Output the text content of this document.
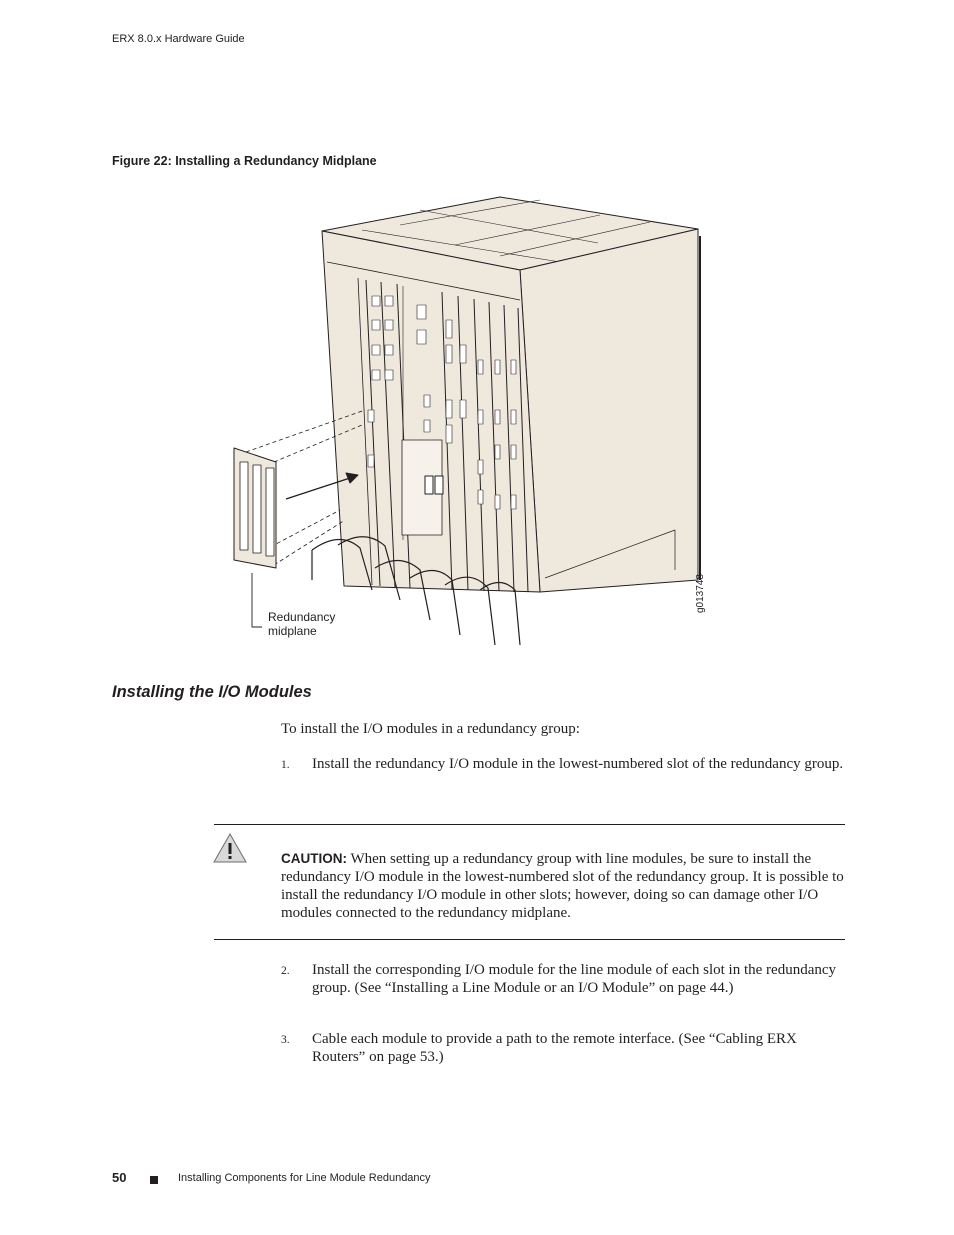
ERX 8.0.x Hardware Guide
Figure 22: Installing a Redundancy Midplane
Redundancy
midplane
g013748
Installing the I/O Modules
To install the I/O modules in a redundancy group:
1. Install the redundancy I/O module in the lowest-numbered slot of the redundancy group.
CAUTION: When setting up a redundancy group with line modules, be sure to install the redundancy I/O module in the lowest-numbered slot of the redundancy group. It is possible to install the redundancy I/O module in other slots; however, doing so can damage other I/O modules connected to the redundancy midplane.
2. Install the corresponding I/O module for the line module of each slot in the redundancy group. (See “Installing a Line Module or an I/O Module” on page 44.)
3. Cable each module to provide a path to the remote interface. (See “Cabling ERX Routers” on page 53.)
50	Installing Components for Line Module Redundancy
